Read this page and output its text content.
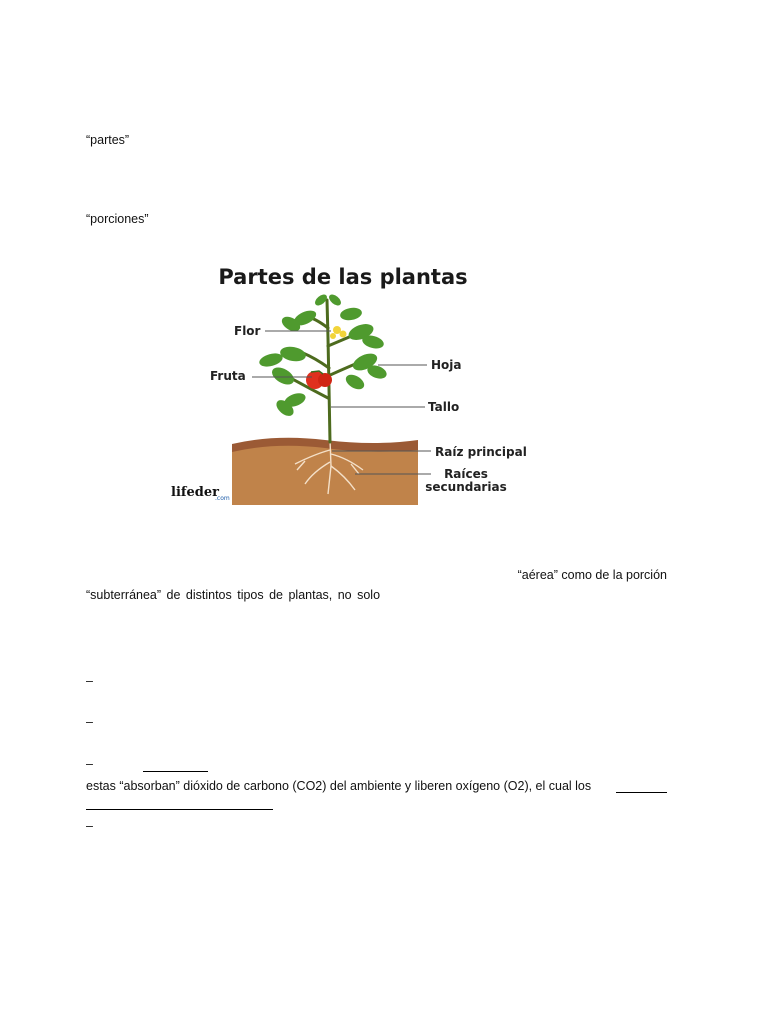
“partes”

“porciones”

Partes de las plantas
Flor
Fruta
Hoja
Tallo
Raíz principal
Raíces
secundarias
lifeder
.com

“aérea” como de la porción

“subterránea” de distintos tipos de plantas, no solo

–

–

–

estas “absorban” dióxido de carbono (CO2) del ambiente y liberen oxígeno (O2), el cual los

–
